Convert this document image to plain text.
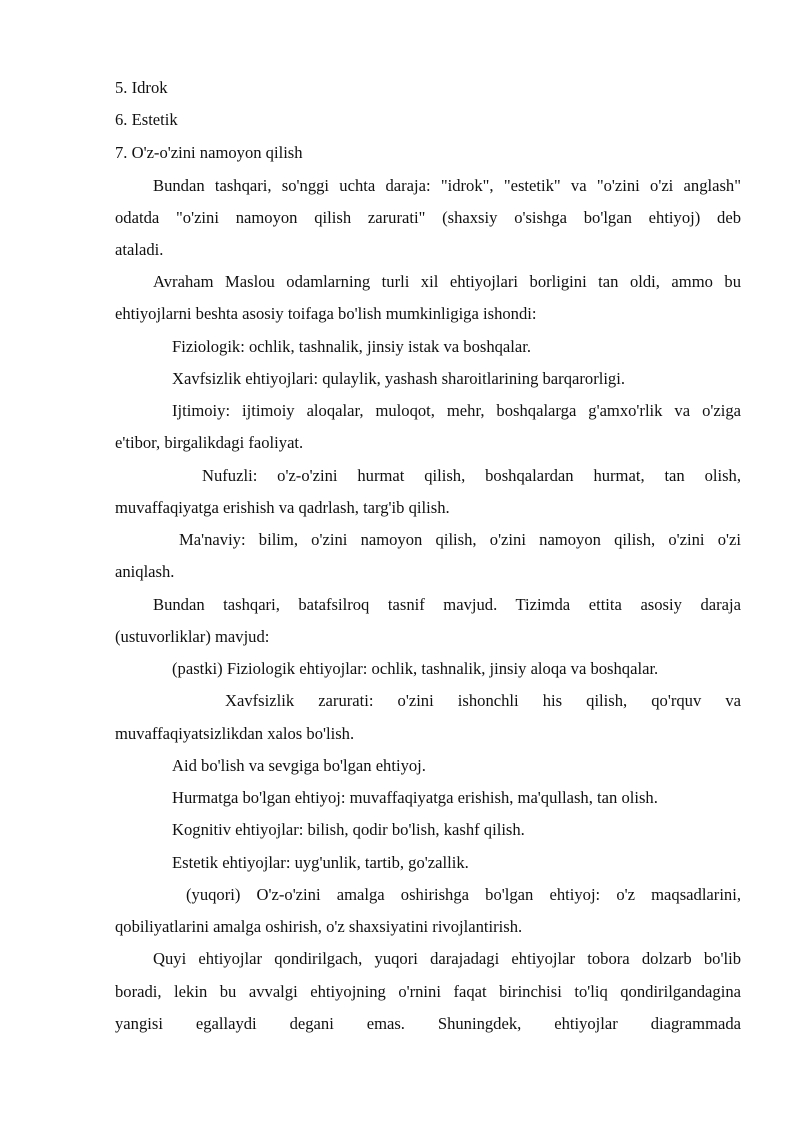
5. Idrok
6. Estetik
7. O'z-o'zini namoyon qilish
Bundan tashqari, so'nggi uchta daraja: "idrok", "estetik" va "o'zini o'zi anglash"
odatda "o'zini namoyon qilish zarurati" (shaxsiy o'sishga bo'lgan ehtiyoj) deb
ataladi.
Avraham Maslou odamlarning turli xil ehtiyojlari borligini tan oldi, ammo bu
ehtiyojlarni beshta asosiy toifaga bo'lish mumkinligiga ishondi:
Fiziologik: ochlik, tashnalik, jinsiy istak va boshqalar.
Xavfsizlik ehtiyojlari: qulaylik, yashash sharoitlarining barqarorligi.
Ijtimoiy: ijtimoiy aloqalar, muloqot, mehr, boshqalarga g'amxo'rlik va o'ziga
e'tibor, birgalikdagi faoliyat.
Nufuzli: o'z-o'zini hurmat qilish, boshqalardan hurmat, tan olish,
muvaffaqiyatga erishish va qadrlash, targ'ib qilish.
Ma'naviy: bilim, o'zini namoyon qilish, o'zini namoyon qilish, o'zini o'zi
aniqlash.
Bundan tashqari, batafsilroq tasnif mavjud. Tizimda ettita asosiy daraja
(ustuvorliklar) mavjud:
(pastki) Fiziologik ehtiyojlar: ochlik, tashnalik, jinsiy aloqa va boshqalar.
Xavfsizlik zarurati: o'zini ishonchli his qilish, qo'rquv va
muvaffaqiyatsizlikdan xalos bo'lish.
Aid bo'lish va sevgiga bo'lgan ehtiyoj.
Hurmatga bo'lgan ehtiyoj: muvaffaqiyatga erishish, ma'qullash, tan olish.
Kognitiv ehtiyojlar: bilish, qodir bo'lish, kashf qilish.
Estetik ehtiyojlar: uyg'unlik, tartib, go'zallik.
(yuqori) O'z-o'zini amalga oshirishga bo'lgan ehtiyoj: o'z maqsadlarini,
qobiliyatlarini amalga oshirish, o'z shaxsiyatini rivojlantirish.
Quyi ehtiyojlar qondirilgach, yuqori darajadagi ehtiyojlar tobora dolzarb bo'lib
boradi, lekin bu avvalgi ehtiyojning o'rnini faqat birinchisi to'liq qondirilgandagina
yangisi egallaydi degani emas. Shuningdek, ehtiyojlar diagrammada
